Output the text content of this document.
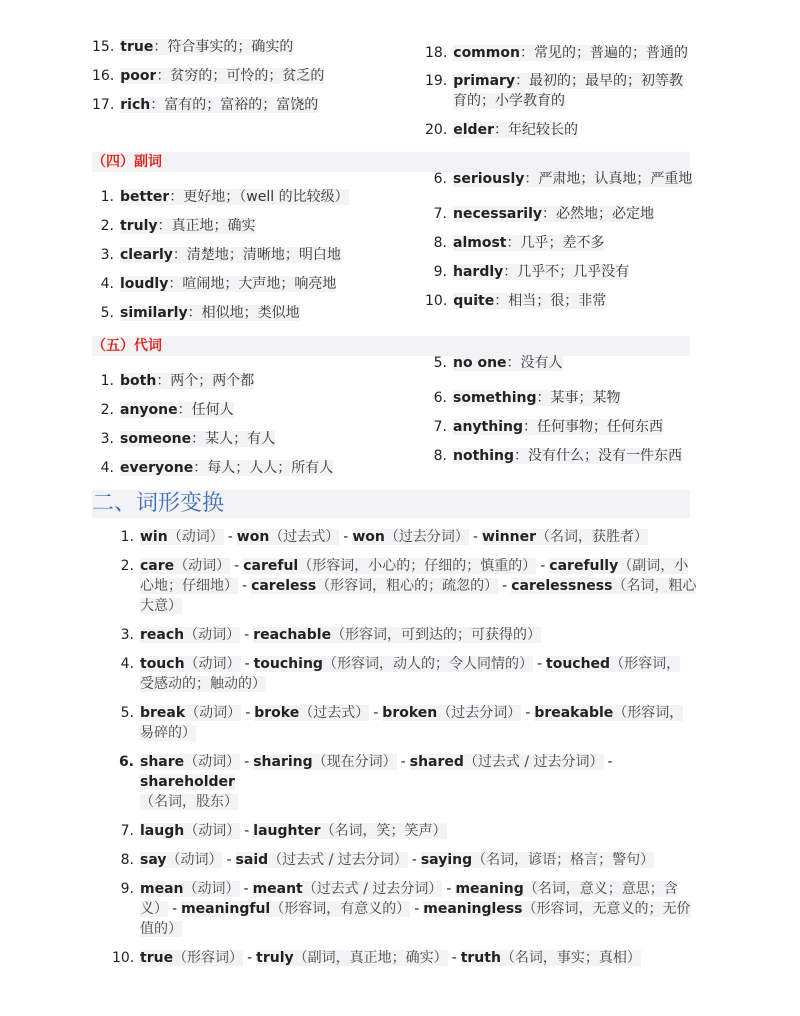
15. true：符合事实的；确实的
16. poor：贫穷的；可怜的；贫乏的
17. rich：富有的；富裕的；富饶的
18. common：常见的；普遍的；普通的
19. primary：最初的；最早的；初等教
育的；小学教育的
20. elder：年纪较长的
（四）副词
1. better：更好地；（well 的比较级）
2. truly：真正地；确实
3. clearly：清楚地；清晰地；明白地
4. loudly：喧闹地；大声地；响亮地
5. similarly：相似地；类似地
6. seriously：严肃地；认真地；严重地
7. necessarily：必然地；必定地
8. almost：几乎；差不多
9. hardly：几乎不；几乎没有
10. quite：相当；很；非常
（五）代词
1. both：两个；两个都
2. anyone：任何人
3. someone：某人；有人
4. everyone：每人；人人；所有人
5. no one：没有人
6. something：某事；某物
7. anything：任何事物；任何东西
8. nothing：没有什么；没有一件东西
二、词形变换
1. win（动词） - won（过去式） - won（过去分词） - winner（名词，获胜者）
2. care（动词） - careful（形容词，小心的；仔细的；慎重的） - carefully（副词，小
心地；仔细地） - careless（形容词，粗心的；疏忽的） - carelessness（名词，粗心
大意）
3. reach（动词） - reachable（形容词，可到达的；可获得的）
4. touch（动词） - touching（形容词，动人的；令人同情的） - touched（形容词，
受感动的；触动的）
5. break（动词） - broke（过去式） - broken（过去分词） - breakable（形容词，
易碎的）
6. share（动词） - sharing（现在分词） - shared（过去式 / 过去分词） -shareholder
（名词，股东）
7. laugh（动词） - laughter（名词，笑；笑声）
8. say（动词） - said（过去式 / 过去分词） - saying（名词，谚语；格言；警句）
9. mean（动词） - meant（过去式 / 过去分词） - meaning（名词，意义；意思；含
义） - meaningful（形容词，有意义的） - meaningless（形容词，无意义的；无价
值的）
10. true（形容词） - truly（副词，真正地；确实） - truth（名词，事实；真相）
